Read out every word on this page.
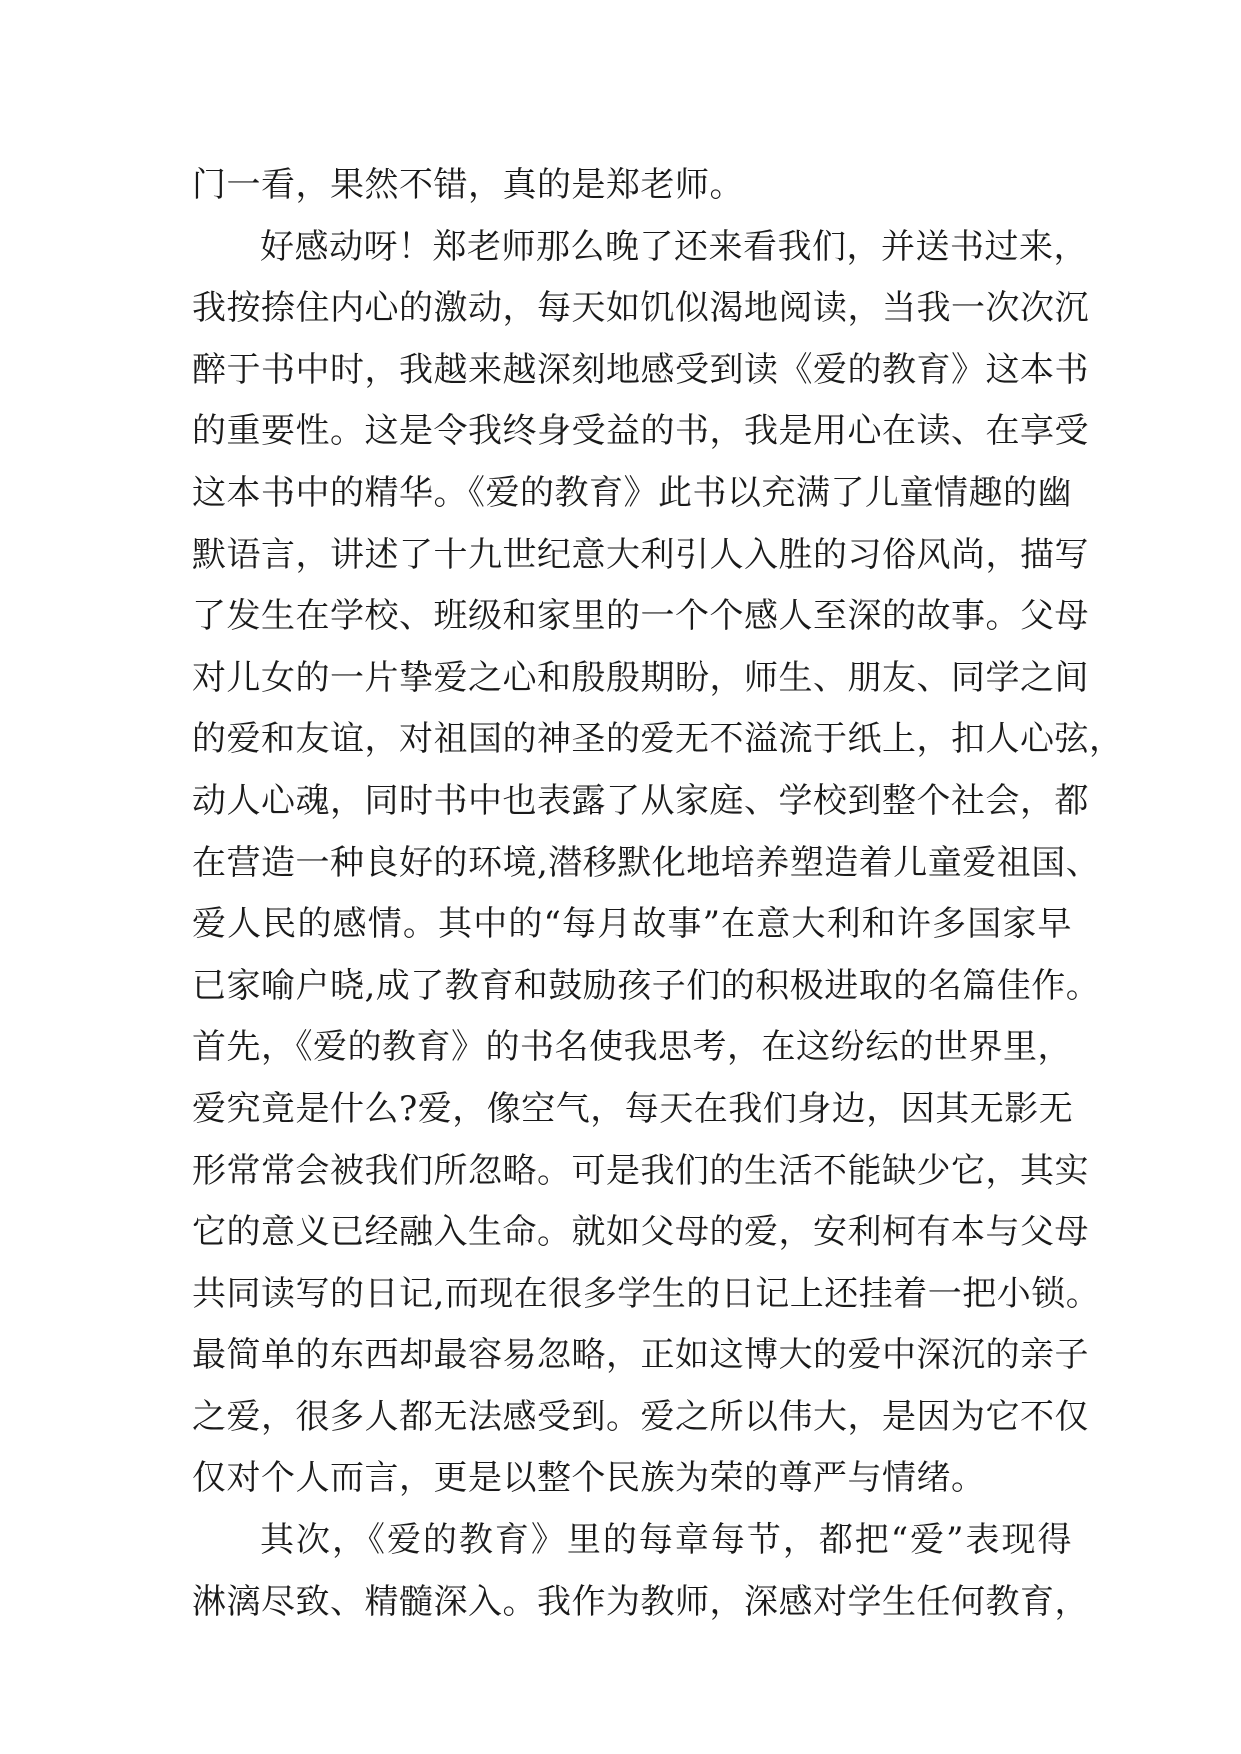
门一看，果然不错，真的是郑老师。
好感动呀！郑老师那么晚了还来看我们，并送书过来，
我按捺住内心的激动，每天如饥似渴地阅读，当我一次次沉
醉于书中时，我越来越深刻地感受到读《爱的教育》这本书
的重要性。这是令我终身受益的书，我是用心在读、在享受
这本书中的精华。《爱的教育》此书以充满了儿童情趣的幽
默语言，讲述了十九世纪意大利引人入胜的习俗风尚，描写
了发生在学校、班级和家里的一个个感人至深的故事。父母
对儿女的一片挚爱之心和殷殷期盼，师生、朋友、同学之间
的爱和友谊，对祖国的神圣的爱无不溢流于纸上，扣人心弦，
动人心魂，同时书中也表露了从家庭、学校到整个社会，都
在营造一种良好的环境,潜移默化地培养塑造着儿童爱祖国、
爱人民的感情。其中的“每月故事”在意大利和许多国家早
已家喻户晓,成了教育和鼓励孩子们的积极进取的名篇佳作。
首先，《爱的教育》的书名使我思考，在这纷纭的世界里，
爱究竟是什么?爱，像空气，每天在我们身边，因其无影无
形常常会被我们所忽略。可是我们的生活不能缺少它，其实
它的意义已经融入生命。就如父母的爱，安利柯有本与父母
共同读写的日记,而现在很多学生的日记上还挂着一把小锁。
最简单的东西却最容易忽略，正如这博大的爱中深沉的亲子
之爱，很多人都无法感受到。爱之所以伟大，是因为它不仅
仅对个人而言，更是以整个民族为荣的尊严与情绪。
其次，《爱的教育》里的每章每节，都把“爱”表现得
淋漓尽致、精髓深入。我作为教师，深感对学生任何教育，
